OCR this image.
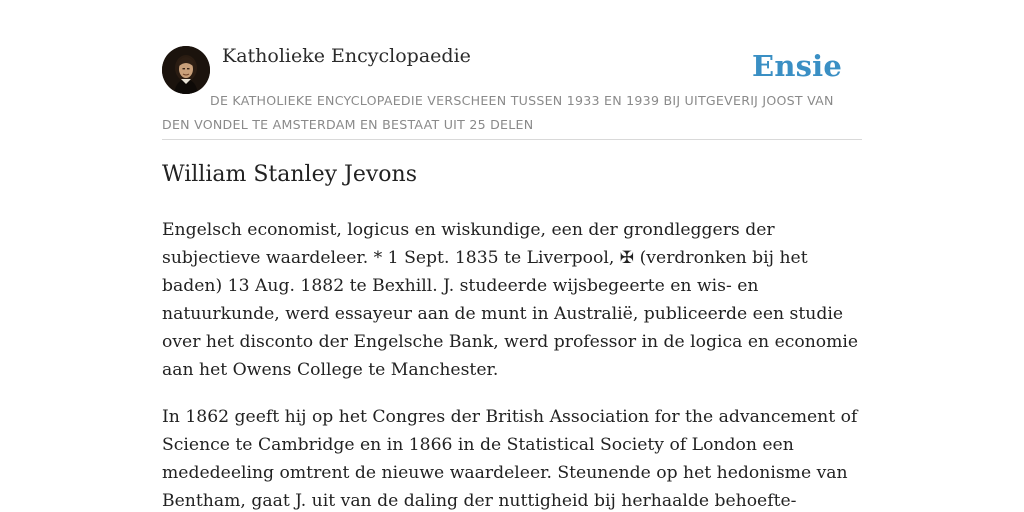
Katholieke Encyclopaedie	Ensie
DE KATHOLIEKE ENCYCLOPAEDIE VERSCHEEN TUSSEN 1933 EN 1939 BIJ UITGEVERIJ JOOST VAN DEN VONDEL TE AMSTERDAM EN BESTAAT UIT 25 DELEN
William Stanley Jevons

Engelsch economist, logicus en wiskundige, een der grondleggers der subjectieve waardeleer. * 1 Sept. 1835 te Liverpool, ✠ (verdronken bij het baden) 13 Aug. 1882 te Bexhill. J. studeerde wijsbegeerte en wis- en natuurkunde, werd essayeur aan de munt in Australië, publiceerde een studie over het disconto der Engelsche Bank, werd professor in de logica en economie aan het Owens College te Manchester.

In 1862 geeft hij op het Congres der British Association for the advancement of Science te Cambridge en in 1866 in de Statistical Society of London een mededeeling omtrent de nieuwe waardeleer. Steunende op het hedonisme van Bentham, gaat J. uit van de daling der nuttigheid bij herhaalde behoefte-
